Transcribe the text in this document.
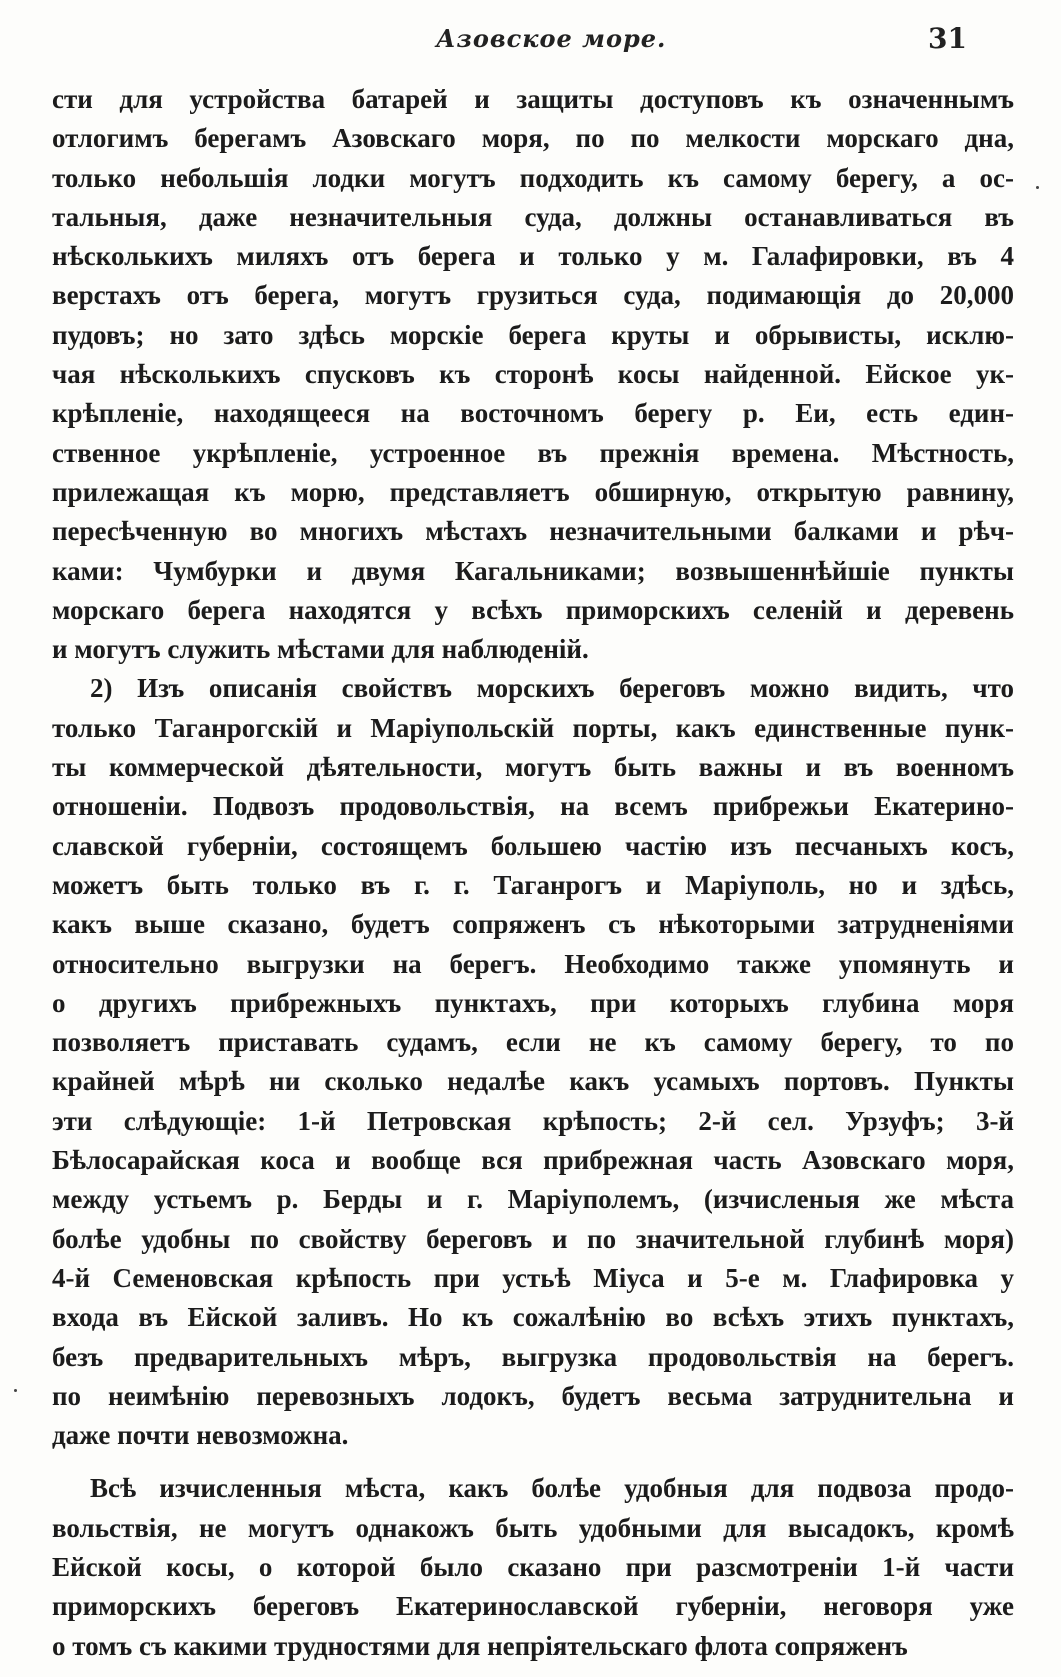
Азовское море.	31
сти для устройства батарей и защиты доступовъ къ означеннымъ
отлогимъ берегамъ Азовскаго моря, по по мелкости морскаго дна,
только небольшія лодки могутъ подходить къ самому берегу, а ос-
тальныя, даже незначительныя суда, должны останавливаться въ
нѣсколькихъ миляхъ отъ берега и только у м. Галафировки, въ 4
верстахъ отъ берега, могутъ грузиться суда, подимающія до 20,000
пудовъ; но зато здѣсь морскіе берега круты и обрывисты, исклю-
чая нѣсколькихъ спусковъ къ сторонѣ косы найденной. Ейское ук-
крѣпленіе, находящееся на восточномъ берегу р. Еи, есть един-
ственное укрѣпленіе, устроенное въ прежнія времена. Мѣстность,
прилежащая къ морю, представляетъ обширную, открытую равнину,
пересѣченную во многихъ мѣстахъ незначительными балками и рѣч-
ками: Чумбурки и двумя Кагальниками; возвышеннѣйшіе пункты
морскаго берега находятся у всѣхъ приморскихъ селеній и деревень
и могутъ служить мѣстами для наблюденій.
2) Изъ описанія свойствъ морскихъ береговъ можно видить, что
только Таганрогскій и Маріупольскій порты, какъ единственные пунк-
ты коммерческой дѣятельности, могутъ быть важны и въ военномъ
отношеніи. Подвозъ продовольствія, на всемъ прибрежьи Екатерино-
славской губерніи, состоящемъ большею частію изъ песчаныхъ косъ,
можетъ быть только въ г. г. Таганрогъ и Маріуполь, но и здѣсь,
какъ выше сказано, будетъ сопряженъ съ нѣкоторыми затрудненіями
относительно выгрузки на берегъ. Необходимо также упомянуть и
о другихъ прибрежныхъ пунктахъ, при которыхъ глубина моря
позволяетъ приставать судамъ, если не къ самому берегу, то по
крайней мѣрѣ ни сколько недалѣе какъ усамыхъ портовъ. Пункты
эти слѣдующіе: 1-й Петровская крѣпость; 2-й сел. Урзуфъ; 3-й
Бѣлосарайская коса и вообще вся прибрежная часть Азовскаго моря,
между устьемъ р. Берды и г. Маріуполемъ, (изчисленыя же мѣста
болѣе удобны по свойству береговъ и по значительной глубинѣ моря)
4-й Семеновская крѣпость при устьѣ Міуса и 5-е м. Глафировка у
входа въ Ейской заливъ. Но къ сожалѣнію во всѣхъ этихъ пунктахъ,
безъ предварительныхъ мѣръ, выгрузка продовольствія на берегъ.
по неимѣнію перевозныхъ лодокъ, будетъ весьма затруднительна и
даже почти невозможна.
Всѣ изчисленныя мѣста, какъ болѣе удобныя для подвоза продо-
вольствія, не могутъ однакожъ быть удобными для высадокъ, кромѣ
Ейской косы, о которой было сказано при разсмотреніи 1-й части
приморскихъ береговъ Екатеринославской губерніи, неговоря уже
о томъ съ какими трудностями для непріятельскаго флота сопряженъ
